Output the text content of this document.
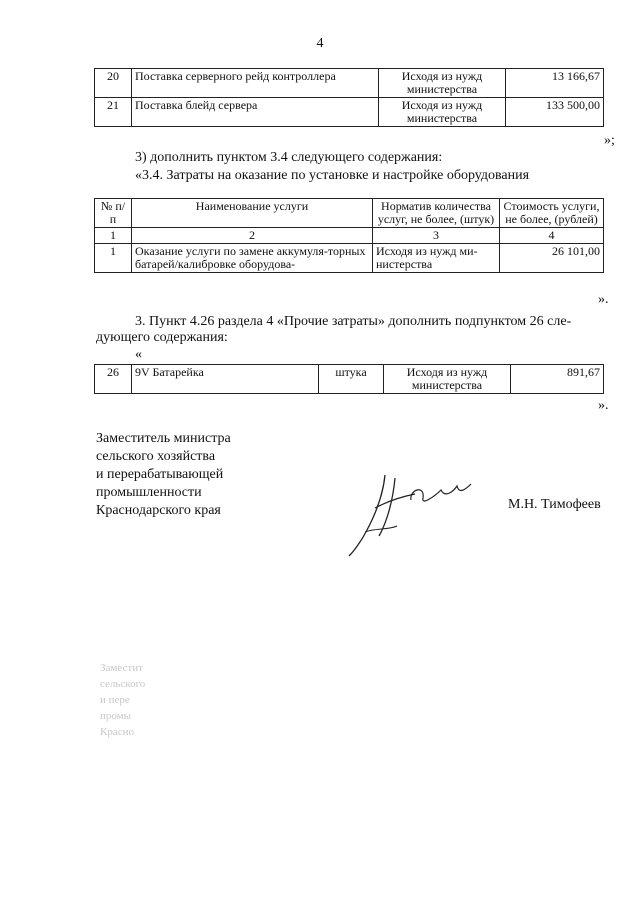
4
20	Поставка серверного рейд контроллера	Исходя из нужд министерства	13 166,67
21	Поставка блейд сервера	Исходя из нужд министерства	133 500,00
»;
3) дополнить пунктом 3.4 следующего содержания:
«3.4. Затраты на оказание по установке и настройке оборудования
№ п/п	Наименование услуги	Норматив количества услуг, не более, (штук)	Стоимость услуги, не более, (рублей)
1	2	3	4
1	Оказание услуги по замене аккумуля-торных батарей/калибровке оборудова-	Исходя из нужд ми-нистерства	26 101,00
».
3. Пункт 4.26 раздела 4 «Прочие затраты» дополнить подпунктом 26 сле-
дующего содержания:
«
26	9V Батарейка	штука	Исходя из нужд министерства	891,67
».
Заместитель министра
сельского хозяйства
и перерабатывающей
промышленности
Краснодарского края	М.Н. Тимофеев
Заместит
сельского
и пере
промы
Красно
